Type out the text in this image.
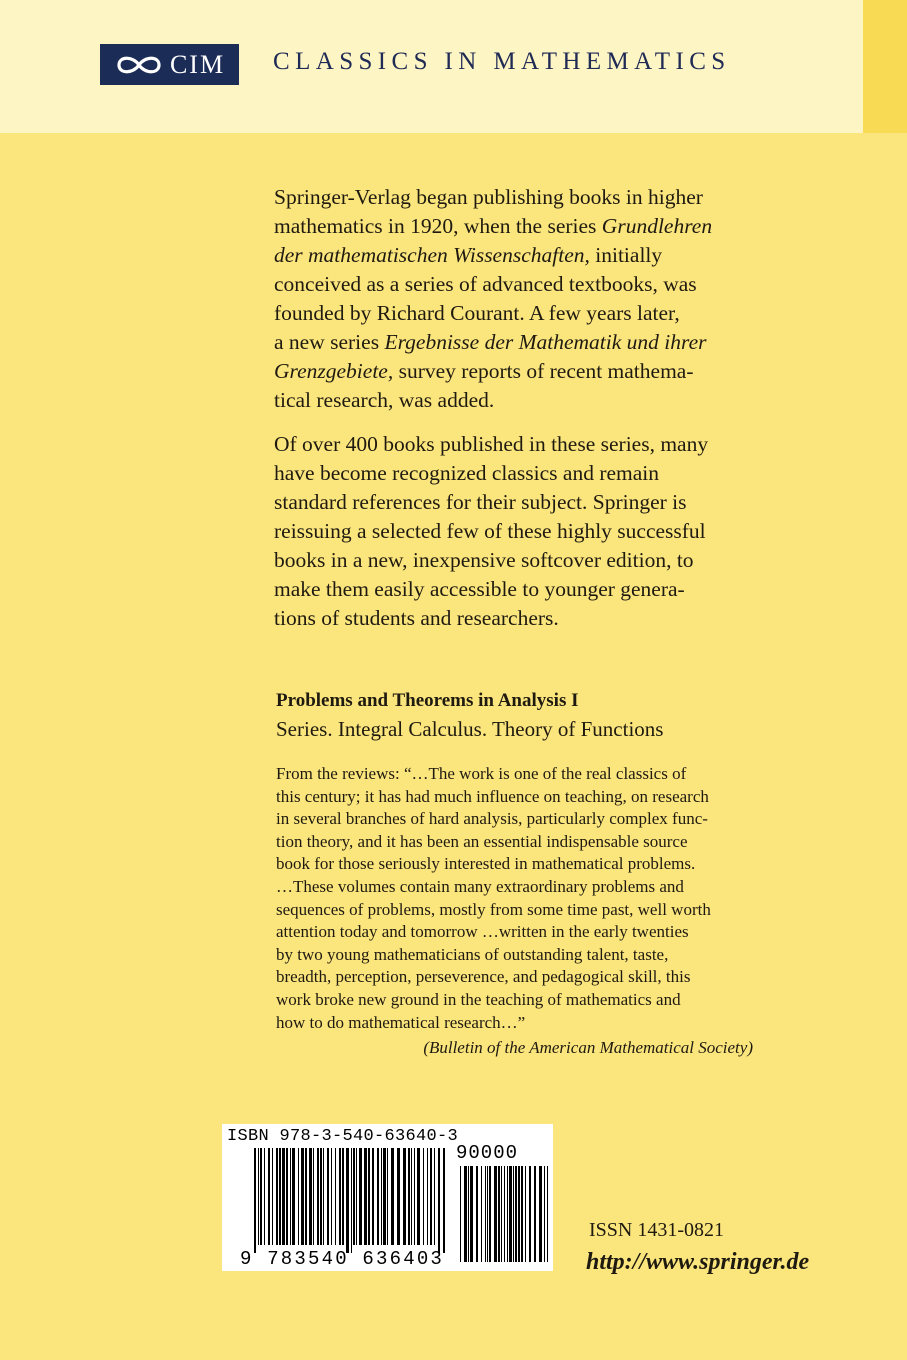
CIM CLASSICS IN MATHEMATICS

Springer-Verlag began publishing books in higher
mathematics in 1920, when the series Grundlehren
der mathematischen Wissenschaften, initially
conceived as a series of advanced textbooks, was
founded by Richard Courant. A few years later,
a new series Ergebnisse der Mathematik und ihrer
Grenzgebiete, survey reports of recent mathema-
tical research, was added.

Of over 400 books published in these series, many
have become recognized classics and remain
standard references for their subject. Springer is
reissuing a selected few of these highly successful
books in a new, inexpensive softcover edition, to
make them easily accessible to younger genera-
tions of students and researchers.

Problems and Theorems in Analysis I
Series. Integral Calculus. Theory of Functions
From the reviews: “…The work is one of the real classics of
this century; it has had much influence on teaching, on research
in several branches of hard analysis, particularly complex func-
tion theory, and it has been an essential indispensable source
book for those seriously interested in mathematical problems.
…These volumes contain many extraordinary problems and
sequences of problems, mostly from some time past, well worth
attention today and tomorrow …written in the early twenties
by two young mathematicians of outstanding talent, taste,
breadth, perception, perseverence, and pedagogical skill, this
work broke new ground in the teaching of mathematics and
how to do mathematical research…”
(Bulletin of the American Mathematical Society)
ISBN 978-3-540-63640-3
90000
9 783540 636403
ISSN 1431-0821
http://www.springer.de
